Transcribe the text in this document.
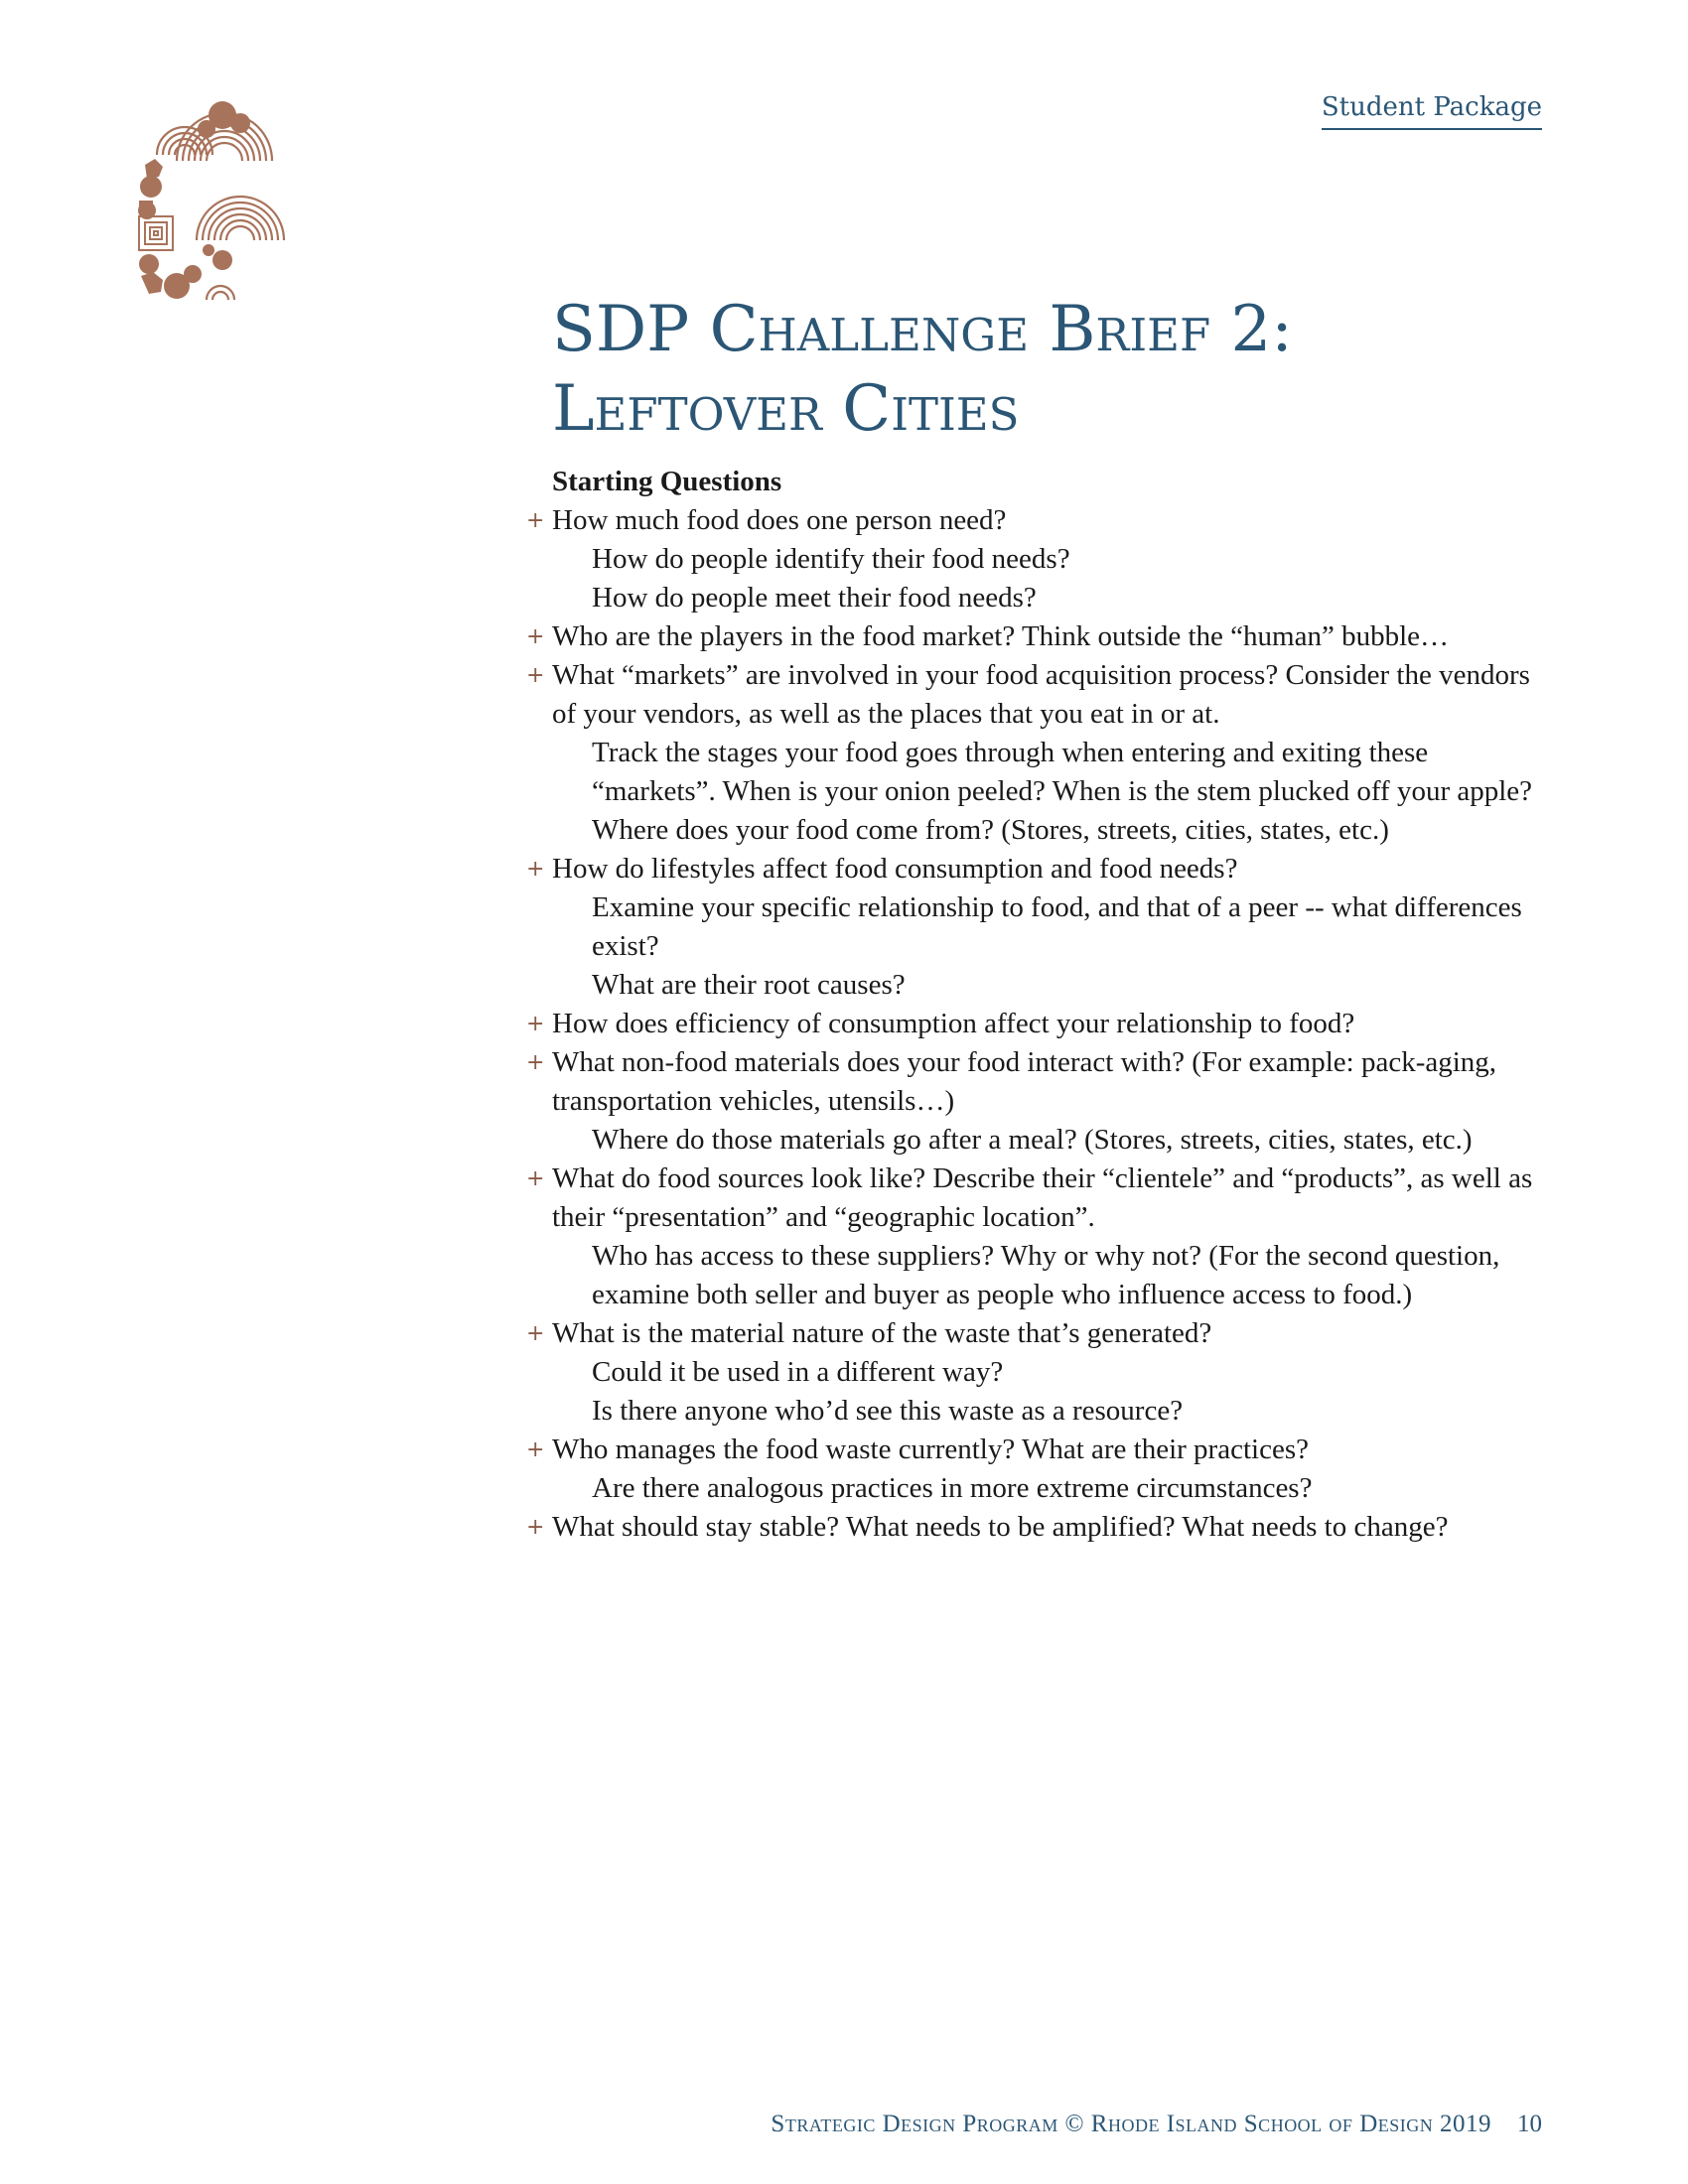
Student Package
SDP Challenge Brief 2:
Leftover Cities

Starting Questions

+ How much food does one person need?

How do people identify their food needs?

How do people meet their food needs?

+ Who are the players in the food market? Think outside the “human” bubble…

+ What “markets” are involved in your food acquisition process? Consider the vendors of your vendors, as well as the places that you eat in or at.

Track the stages your food goes through when entering and exiting these “markets”. When is your onion peeled? When is the stem plucked off your apple?

Where does your food come from? (Stores, streets, cities, states, etc.)

+ How do lifestyles affect food consumption and food needs?

Examine your specific relationship to food, and that of a peer -- what differences exist?

What are their root causes?

+ How does efficiency of consumption affect your relationship to food?

+ What non-food materials does your food interact with? (For example: pack-aging, transportation vehicles, utensils…)

Where do those materials go after a meal? (Stores, streets, cities, states, etc.)

+ What do food sources look like? Describe their “clientele” and “products”, as well as their “presentation” and “geographic location”.

Who has access to these suppliers? Why or why not? (For the second question, examine both seller and buyer as people who influence access to food.)

+ What is the material nature of the waste that’s generated?

Could it be used in a different way?

Is there anyone who’d see this waste as a resource?

+ Who manages the food waste currently? What are their practices?

Are there analogous practices in more extreme circumstances?

+ What should stay stable? What needs to be amplified? What needs to change?

Strategic Design Program © Rhode Island School of Design 2019 10
